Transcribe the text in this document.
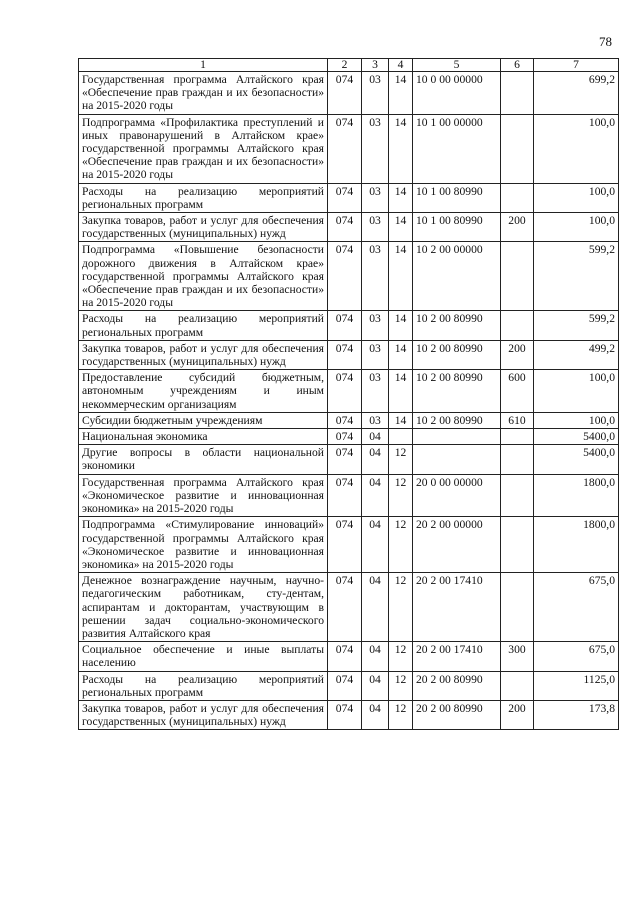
78
1	2	3	4	5	6	7
Государственная программа Алтайского края «Обеспечение прав граждан и их безопасности» на 2015-2020 годы	074	03	14	10 0 00 00000		699,2
Подпрограмма «Профилактика преступлений и иных правонарушений в Алтайском крае» государственной программы Алтайского края «Обеспечение прав граждан и их безопасности» на 2015-2020 годы	074	03	14	10 1 00 00000		100,0
Расходы на реализацию мероприятий региональных программ	074	03	14	10 1 00 80990		100,0
Закупка товаров, работ и услуг для обеспечения государственных (муниципальных) нужд	074	03	14	10 1 00 80990	200	100,0
Подпрограмма «Повышение безопасности дорожного движения в Алтайском крае» государственной программы Алтайского края «Обеспечение прав граждан и их безопасности» на 2015-2020 годы	074	03	14	10 2 00 00000		599,2
Расходы на реализацию мероприятий региональных программ	074	03	14	10 2 00 80990		599,2
Закупка товаров, работ и услуг для обеспечения государственных (муниципальных) нужд	074	03	14	10 2 00 80990	200	499,2
Предоставление субсидий бюджетным, автономным учреждениям и иным некоммерческим организациям	074	03	14	10 2 00 80990	600	100,0
Субсидии бюджетным учреждениям	074	03	14	10 2 00 80990	610	100,0
Национальная экономика	074	04				5400,0
Другие вопросы в области национальной экономики	074	04	12			5400,0
Государственная программа Алтайского края «Экономическое развитие и инновационная экономика» на 2015-2020 годы	074	04	12	20 0 00 00000		1800,0
Подпрограмма «Стимулирование инноваций» государственной программы Алтайского края «Экономическое развитие и инновационная экономика» на 2015-2020 годы	074	04	12	20 2 00 00000		1800,0
Денежное вознаграждение научным, научно-педагогическим работникам, сту-дентам, аспирантам и докторантам, участвующим в решении задач социально-экономического развития Алтайского края	074	04	12	20 2 00 17410		675,0
Социальное обеспечение и иные выплаты населению	074	04	12	20 2 00 17410	300	675,0
Расходы на реализацию мероприятий региональных программ	074	04	12	20 2 00 80990		1125,0
Закупка товаров, работ и услуг для обеспечения государственных (муниципальных) нужд	074	04	12	20 2 00 80990	200	173,8
